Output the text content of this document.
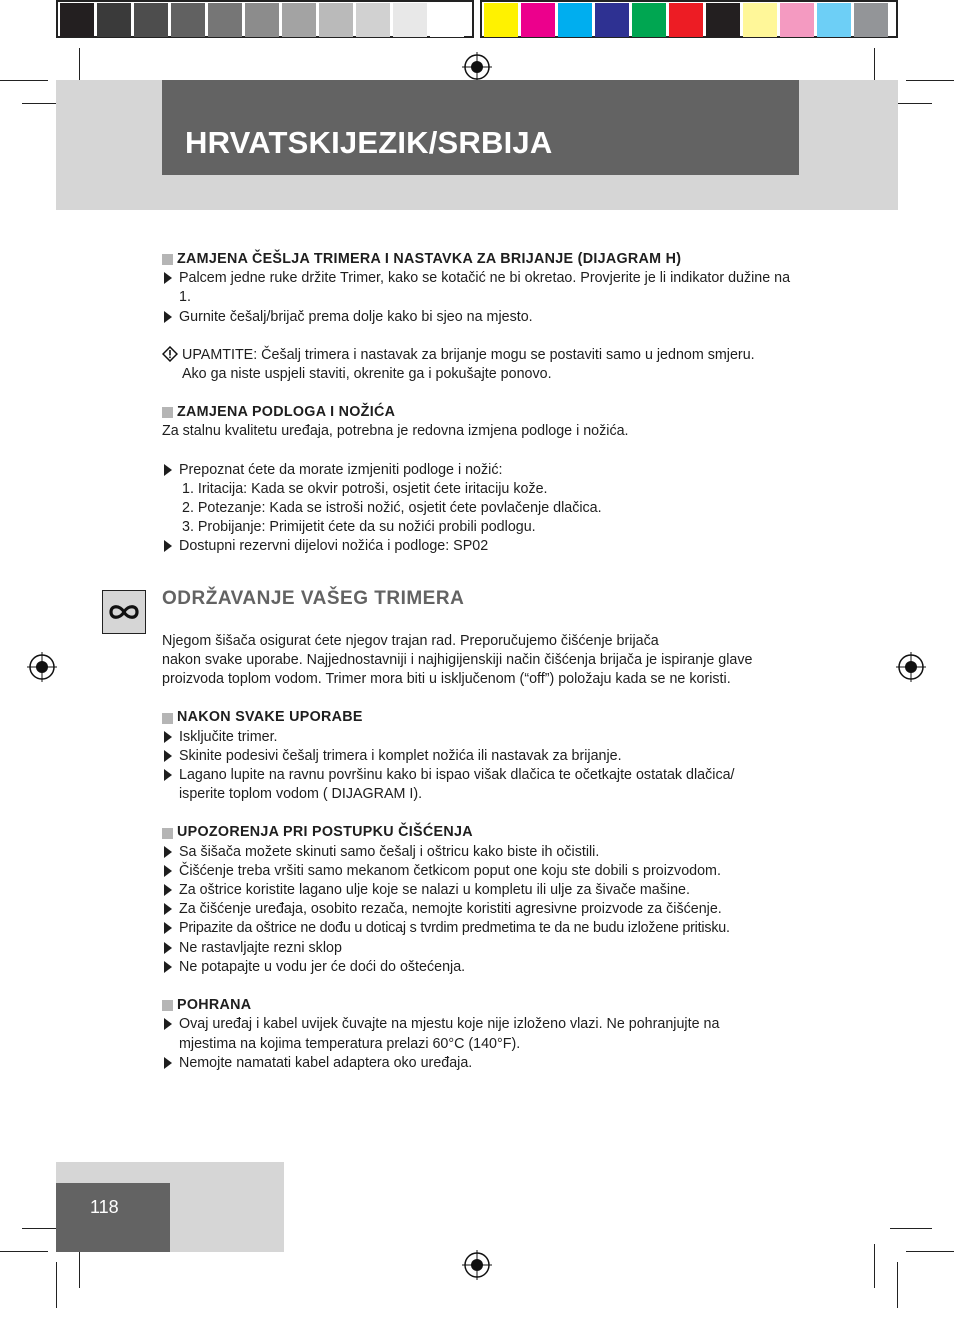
HRVATSKIJEZIK/SRBIJA

ZAMJENA ČEŠLJA TRIMERA I NASTAVKA ZA BRIJANJE (DIJAGRAM H)

Palcem jedne ruke držite Trimer, kako se kotačić ne bi okretao. Provjerite je li indikator dužine na 1.
Gurnite češalj/brijač prema dolje kako bi sjeo na mjesto.

UPAMTITE: Češalj trimera i nastavak za brijanje mogu se postaviti samo u jednom smjeru.

Ako ga niste uspjeli staviti, okrenite ga i pokušajte ponovo.

ZAMJENA PODLOGA I NOŽIĆA

Za stalnu kvalitetu uređaja, potrebna je redovna izmjena podloge i nožića.

Prepoznat ćete da morate izmjeniti podloge i nožić:

1. Iritacija: Kada se okvir potroši, osjetit ćete iritaciju kože.

2. Potezanje: Kada se istroši nožić, osjetit ćete povlačenje dlačica.

3. Probijanje: Primijetit ćete da su nožići probili podlogu.

Dostupni rezervni dijelovi nožića i podloge: SP02

ODRŽAVANJE VAŠEG TRIMERA

Njegom šišača osigurat ćete njegov trajan rad. Preporučujemo čišćenje brijača

nakon svake uporabe. Najjednostavniji i najhigijenskiji način čišćenja brijača je ispiranje glave

proizvoda toplom vodom. Trimer mora biti u isključenom (“off”) položaju kada se ne koristi.

NAKON SVAKE UPORABE

Isključite trimer.
Skinite podesivi češalj trimera i komplet nožića ili nastavak za brijanje.
Lagano lupite na ravnu površinu kako bi ispao višak dlačica te očetkajte ostatak dlačica/ isperite toplom vodom ( DIJAGRAM I).

UPOZORENJA PRI POSTUPKU ČIŠĆENJA

Sa šišača možete skinuti samo češalj i oštricu kako biste ih očistili.
Čišćenje treba vršiti samo mekanom četkicom poput one koju ste dobili s proizvodom.
Za oštrice koristite lagano ulje koje se nalazi u kompletu ili ulje za šivače mašine.
Za čišćenje uređaja, osobito rezača, nemojte koristiti agresivne proizvode za čišćenje.
Pripazite da oštrice ne dođu u doticaj s tvrdim predmetima te da ne budu izložene pritisku.
Ne rastavljajte rezni sklop
Ne potapajte u vodu jer će doći do oštećenja.

POHRANA

Ovaj uređaj i kabel uvijek čuvajte na mjestu koje nije izloženo vlazi. Ne pohranjujte na mjestima na kojima temperatura prelazi 60°C (140°F).
Nemojte namatati kabel adaptera oko uređaja.
118
